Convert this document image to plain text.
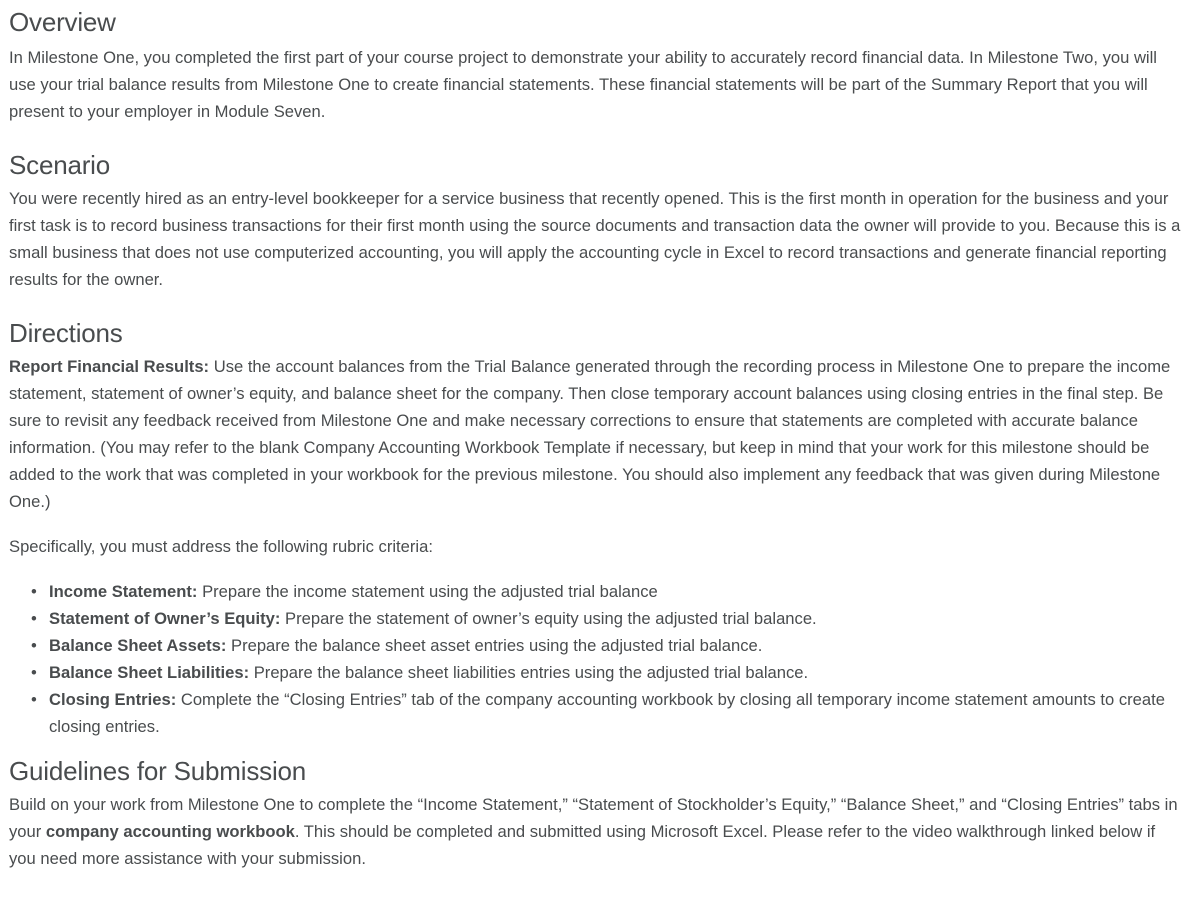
Overview

In Milestone One, you completed the first part of your course project to demonstrate your ability to accurately record financial data. In Milestone Two, you will use your trial balance results from Milestone One to create financial statements. These financial statements will be part of the Summary Report that you will present to your employer in Module Seven.

Scenario

You were recently hired as an entry-level bookkeeper for a service business that recently opened. This is the first month in operation for the business and your first task is to record business transactions for their first month using the source documents and transaction data the owner will provide to you. Because this is a small business that does not use computerized accounting, you will apply the accounting cycle in Excel to record transactions and generate financial reporting results for the owner.

Directions

Report Financial Results: Use the account balances from the Trial Balance generated through the recording process in Milestone One to prepare the income statement, statement of owner’s equity, and balance sheet for the company. Then close temporary account balances using closing entries in the final step. Be sure to revisit any feedback received from Milestone One and make necessary corrections to ensure that statements are completed with accurate balance information. (You may refer to the blank Company Accounting Workbook Template if necessary, but keep in mind that your work for this milestone should be added to the work that was completed in your workbook for the previous milestone. You should also implement any feedback that was given during Milestone One.)

Specifically, you must address the following rubric criteria:

• Income Statement: Prepare the income statement using the adjusted trial balance
• Statement of Owner’s Equity: Prepare the statement of owner’s equity using the adjusted trial balance.
• Balance Sheet Assets: Prepare the balance sheet asset entries using the adjusted trial balance.
• Balance Sheet Liabilities: Prepare the balance sheet liabilities entries using the adjusted trial balance.
• Closing Entries: Complete the “Closing Entries” tab of the company accounting workbook by closing all temporary income statement amounts to create closing entries.
Guidelines for Submission

Build on your work from Milestone One to complete the “Income Statement,” “Statement of Stockholder’s Equity,” “Balance Sheet,” and “Closing Entries” tabs in your company accounting workbook. This should be completed and submitted using Microsoft Excel. Please refer to the video walkthrough linked below if you need more assistance with your submission.
